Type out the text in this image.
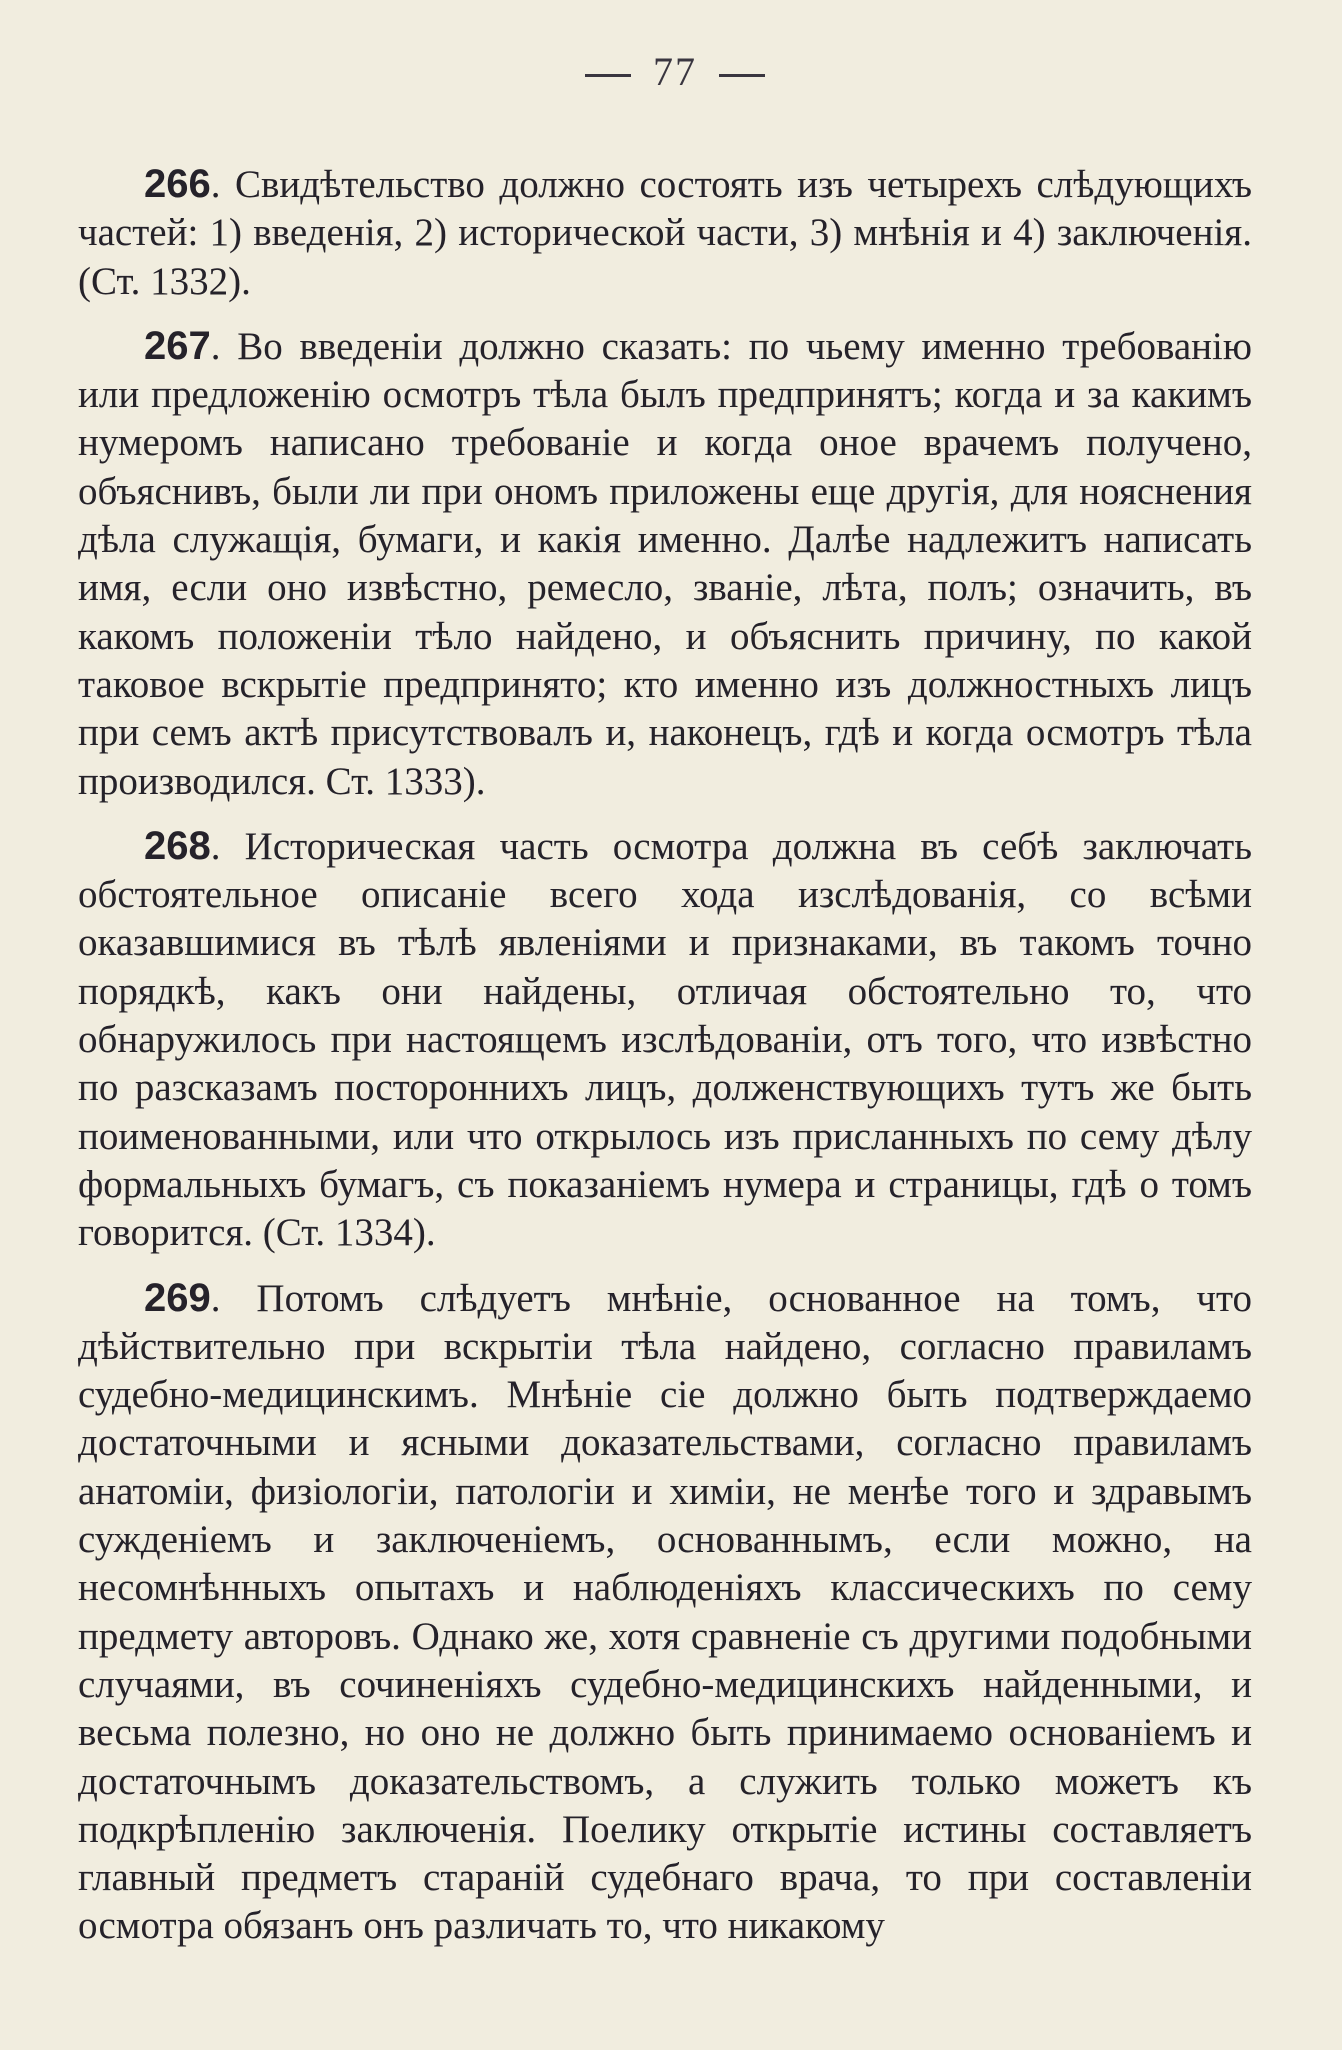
77

266. Свидѣтельство должно состоять изъ четырехъ слѣдующихъ частей: 1) введенія, 2) исторической части, 3) мнѣнія и 4) заключенія. (Ст. 1332).

267. Во введеніи должно сказать: по чьему именно требованію или предложенію осмотръ тѣла былъ предпринятъ; когда и за какимъ нумеромъ написано требованіе и когда оное врачемъ получено, объяснивъ, были ли при ономъ приложены еще другія, для нояснения дѣла служащія, бумаги, и какія именно. Далѣе надлежитъ написать имя, если оно извѣстно, ремесло, званіе, лѣта, полъ; означить, въ какомъ положеніи тѣло найдено, и объяснить причину, по какой таковое вскрытіе предпринято; кто именно изъ должностныхъ лицъ при семъ актѣ присутствовалъ и, наконецъ, гдѣ и когда осмотръ тѣла производился. Ст. 1333).

268. Историческая часть осмотра должна въ себѣ заключать обстоятельное описаніе всего хода изслѣдованія, со всѣми оказавшимися въ тѣлѣ явленіями и признаками, въ такомъ точно порядкѣ, какъ они найдены, отличая обстоятельно то, что обнаружилось при настоящемъ изслѣдованіи, отъ того, что извѣстно по разсказамъ постороннихъ лицъ, долженствующихъ тутъ же быть поименованными, или что открылось изъ присланныхъ по сему дѣлу формальныхъ бумагъ, съ показаніемъ нумера и страницы, гдѣ о томъ говорится. (Ст. 1334).

269. Потомъ слѣдуетъ мнѣніе, основанное на томъ, что дѣйствительно при вскрытіи тѣла найдено, согласно правиламъ судебно-медицинскимъ. Мнѣніе сіе должно быть подтверждаемо достаточными и ясными доказательствами, согласно правиламъ анатоміи, физіологіи, патологіи и химіи, не менѣе того и здравымъ сужденіемъ и заключеніемъ, основаннымъ, если можно, на несомнѣнныхъ опытахъ и наблюденіяхъ классическихъ по сему предмету авторовъ. Однако же, хотя сравненіе съ другими подобными случаями, въ сочиненіяхъ судебно-медицинскихъ найденными, и весьма полезно, но оно не должно быть принимаемо основаніемъ и достаточнымъ доказательствомъ, а служить только можетъ къ подкрѣпленію заключенія. Поелику открытіе истины составляетъ главный предметъ стараній судебнаго врача, то при составленіи осмотра обязанъ онъ различать то, что никакому
